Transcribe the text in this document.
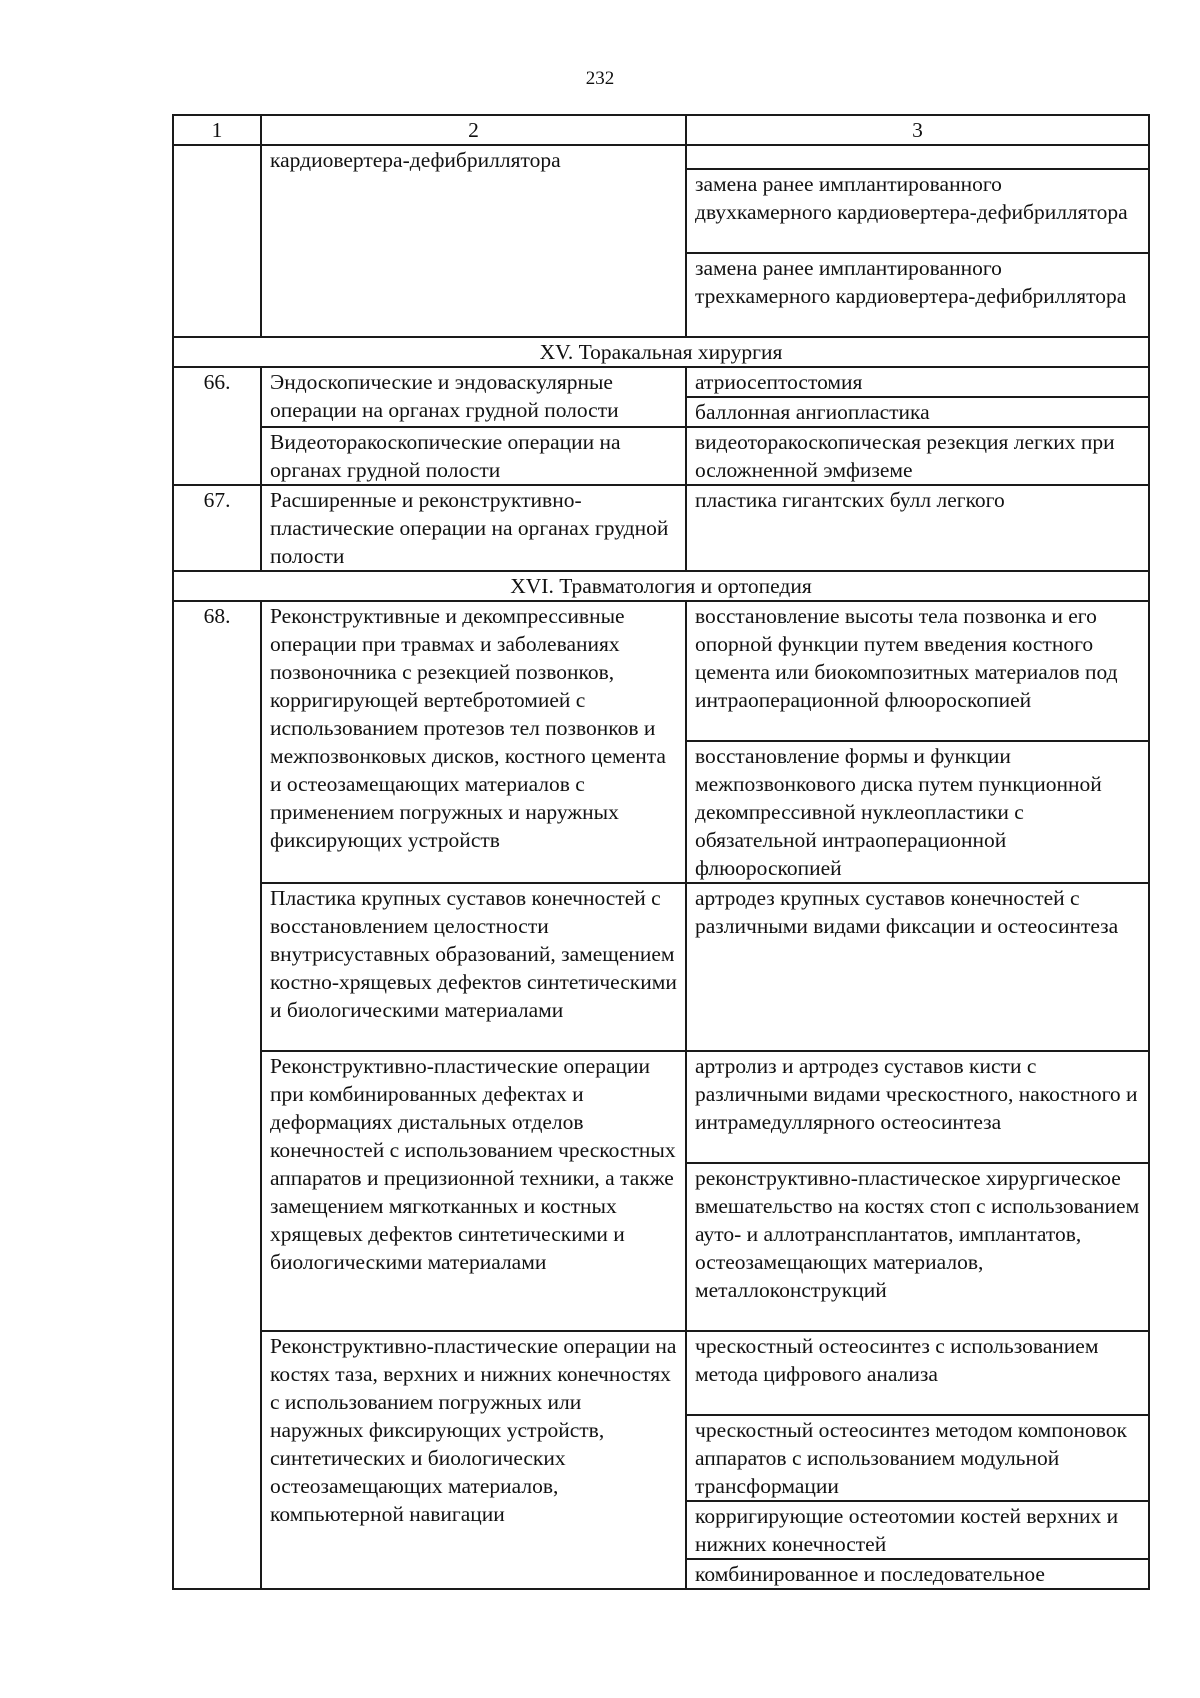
232
1	2	3

	кардиовертера-дефибриллятора	

		замена ранее имплантированного двухкамерного кардиовертера-дефибриллятора

		замена ранее имплантированного трехкамерного кардиовертера-дефибриллятора

XV. Торакальная хирургия		
66.	Эндоскопические и эндоваскулярные операции на органах грудной полости	атриосептостомия

		баллонная ангиопластика

	Видеоторакоскопические операции на органах грудной полости	видеоторакоскопическая резекция легких при осложненной эмфиземе

67.	Расширенные и реконструктивно-пластические операции на органах грудной полости	пластика гигантских булл легкого

XVI. Травматология и ортопедия		
68.	Реконструктивные и декомпрессивные операции при травмах и заболеваниях позвоночника с резекцией позвонков, корригирующей вертебротомией с использованием протезов тел позвонков и межпозвонковых дисков, костного цемента и остеозамещающих материалов с применением погружных и наружных фиксирующих устройств	восстановление высоты тела позвонка и его опорной функции путем введения костного цемента или биокомпозитных материалов под интраоперационной флюороскопией

		восстановление формы и функции межпозвонкового диска путем пункционной декомпрессивной нуклеопластики с обязательной интраоперационной флюороскопией

	Пластика крупных суставов конечностей с восстановлением целостности внутрисуставных образований, замещением костно-хрящевых дефектов синтетическими и биологическими материалами	артродез крупных суставов конечностей с различными видами фиксации и остеосинтеза

	Реконструктивно-пластические операции при комбинированных дефектах и деформациях дистальных отделов конечностей с использованием чрескостных аппаратов и прецизионной техники, а также замещением мягкотканных и костных хрящевых дефектов синтетическими и биологическими материалами	артролиз и артродез суставов кисти с различными видами чрескостного, накостного и интрамедуллярного остеосинтеза

		реконструктивно-пластическое хирургическое вмешательство на костях стоп с использованием ауто- и аллотрансплантатов, имплантатов, остеозамещающих материалов, металлоконструкций

	Реконструктивно-пластические операции на костях таза, верхних и нижних конечностях с использованием погружных или наружных фиксирующих устройств, синтетических и биологических остеозамещающих материалов, компьютерной навигации	чрескостный остеосинтез с использованием метода цифрового анализа

		чрескостный остеосинтез методом компоновок аппаратов с использованием модульной трансформации

		корригирующие остеотомии костей верхних и нижних конечностей

		комбинированное и последовательное
